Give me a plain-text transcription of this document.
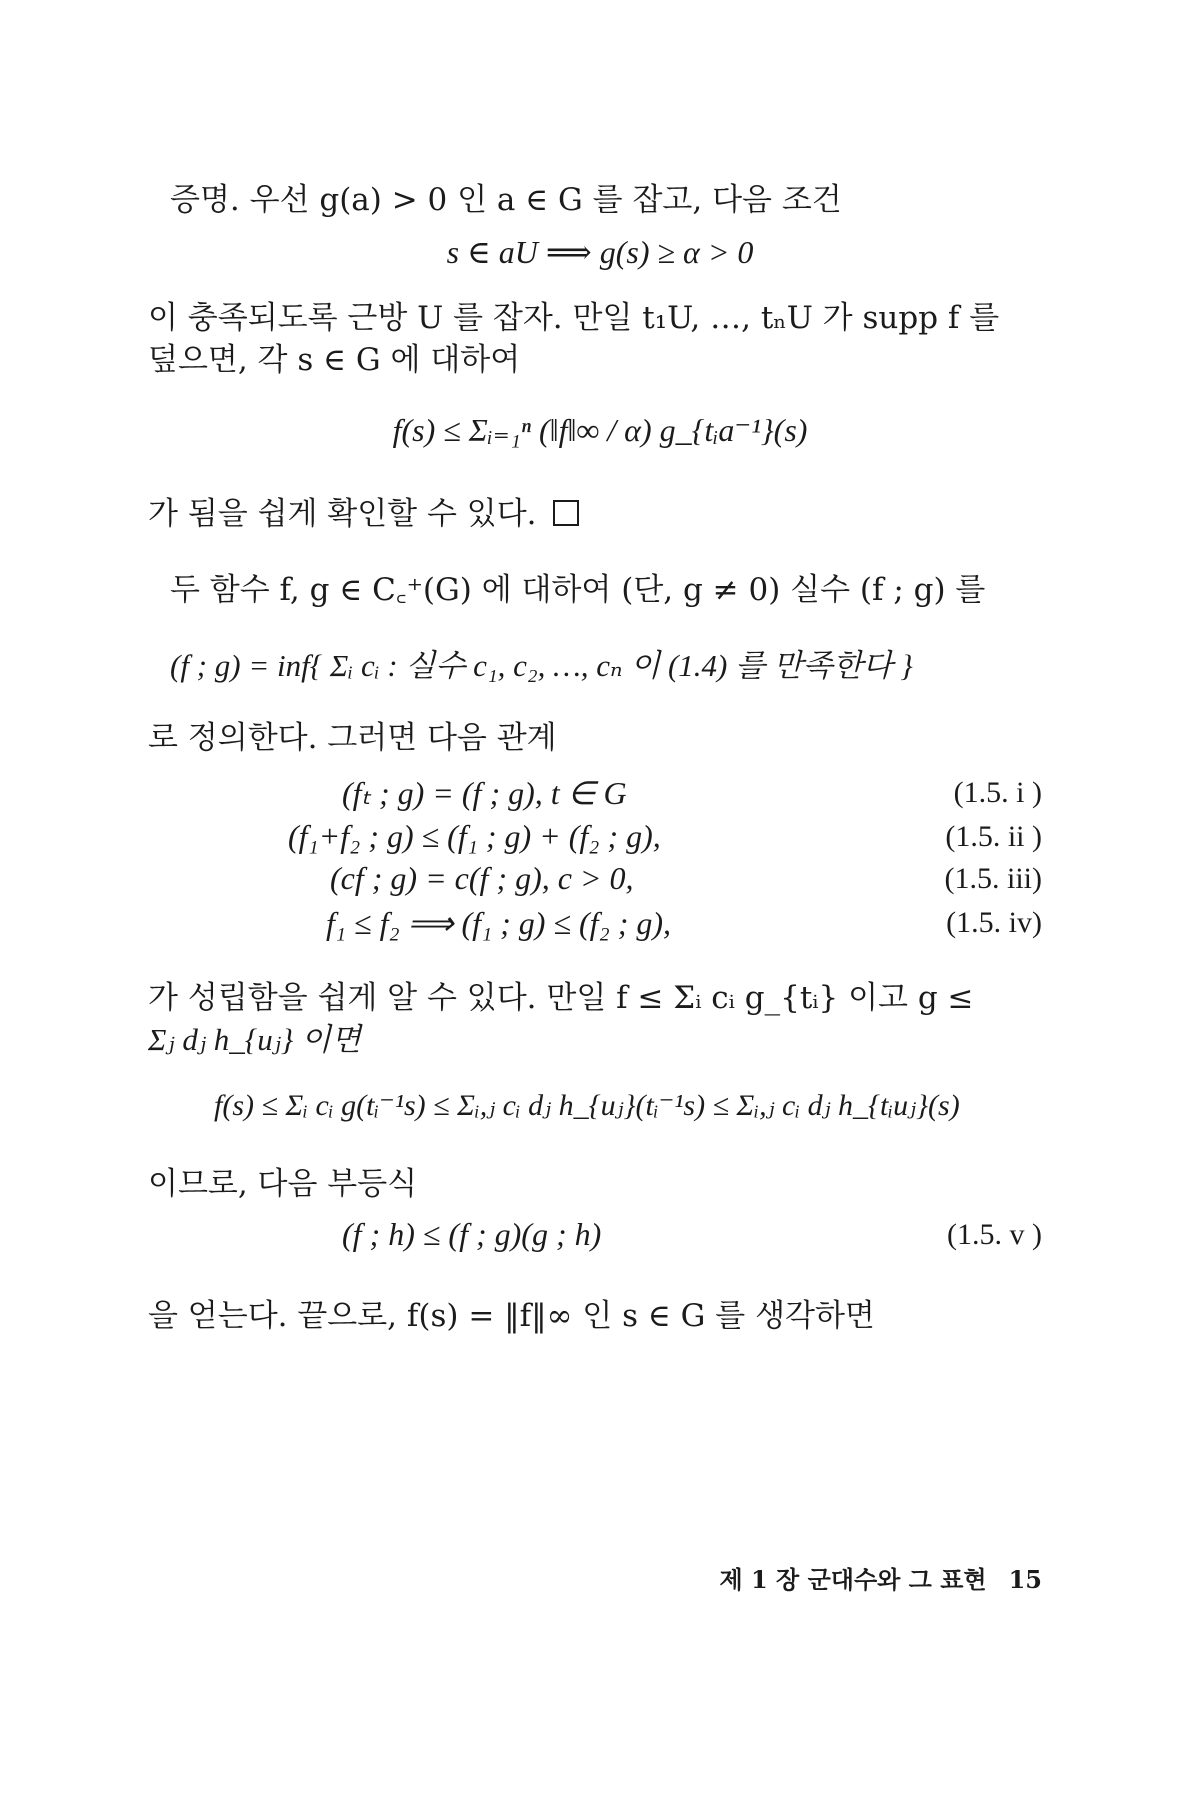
증명. 우선 g(a) > 0 인 a ∈ G 를 잡고, 다음 조건
s ∈ aU ⟹ g(s) ≥ α > 0
이 충족되도록 근방 U 를 잡자. 만일 t₁U, …, tₙU 가 supp f 를
덮으면, 각 s ∈ G 에 대하여
f(s) ≤ Σᵢ₌₁ⁿ (‖f‖∞ / α) g_{tᵢa⁻¹}(s)
가 됨을 쉽게 확인할 수 있다.
두 함수 f, g ∈ C꜀⁺(G) 에 대하여 (단, g ≠ 0) 실수 (f ; g) 를
(f ; g) = inf{ Σᵢ cᵢ : 실수 c₁, c₂, …, cₙ 이 (1.4) 를 만족한다 }
로 정의한다. 그러면 다음 관계
(fₜ ; g) = (f ; g), t ∈ G	(1.5. i )
(f₁+f₂ ; g) ≤ (f₁ ; g) + (f₂ ; g),	(1.5. ii )
(cf ; g) = c(f ; g), c > 0,	(1.5. iii)
f₁ ≤ f₂ ⟹ (f₁ ; g) ≤ (f₂ ; g),	(1.5. iv)
가 성립함을 쉽게 알 수 있다. 만일 f ≤ Σᵢ cᵢ g_{tᵢ} 이고 g ≤
Σⱼ dⱼ h_{uⱼ} 이면
f(s) ≤ Σᵢ cᵢ g(tᵢ⁻¹s) ≤ Σᵢ,ⱼ cᵢ dⱼ h_{uⱼ}(tᵢ⁻¹s) ≤ Σᵢ,ⱼ cᵢ dⱼ h_{tᵢuⱼ}(s)
이므로, 다음 부등식
(f ; h) ≤ (f ; g)(g ; h)	(1.5. v )
을 얻는다. 끝으로, f(s) = ‖f‖∞ 인 s ∈ G 를 생각하면
제 1 장 군대수와 그 표현 15
